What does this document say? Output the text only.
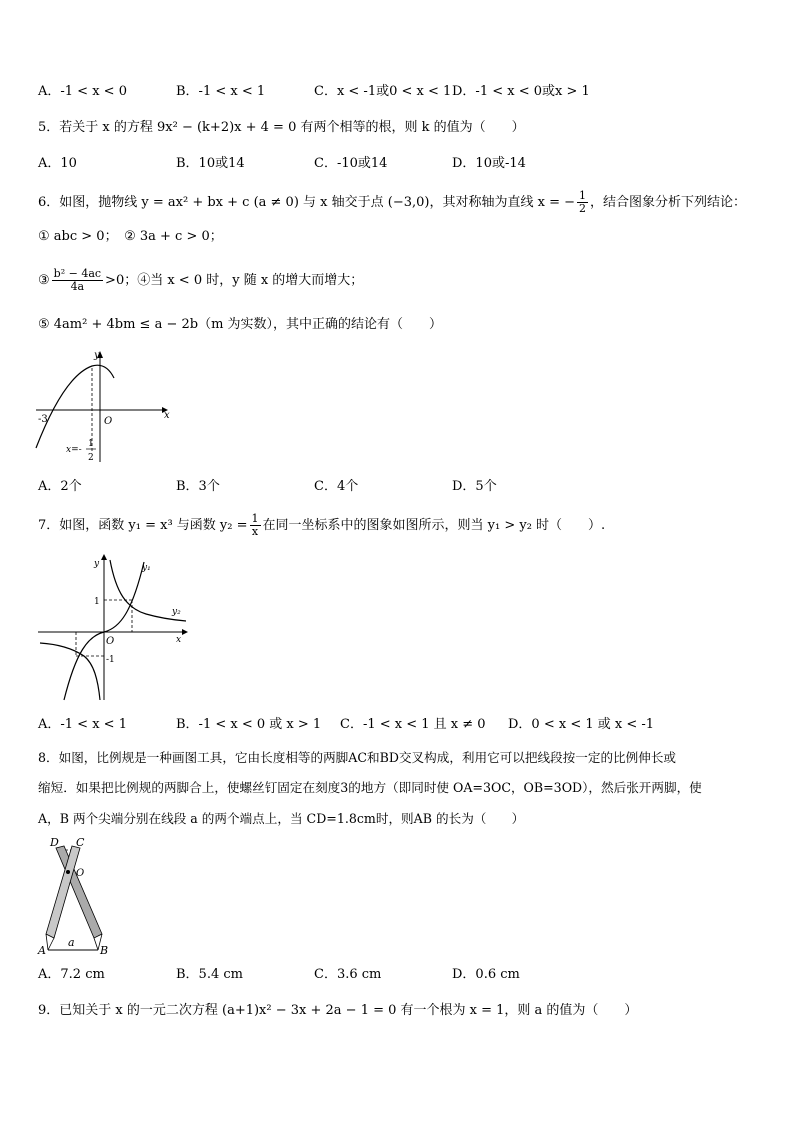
A．-1 < x < 0	B．-1 < x < 1	C．x < -1或0 < x < 1 D．-1 < x < 0或x > 1
5．若关于 x 的方程 9x² − (k+2)x + 4 = 0 有两个相等的根，则 k 的值为（　　）
A．10	B．10或14	C．-10或14	D．10或-14
6．如图，抛物线 y = ax² + bx + c (a ≠ 0) 与 x 轴交于点 (−3,0)，其对称轴为直线 x = − $\frac{1}{2}$ ，结合图象分析下列结论：
① abc > 0；　② 3a + c > 0；
③ $\frac{\text{b² − 4ac}}{4a} >0$；④当 x < 0 时，y 随 x 的增大而增大；
⑤ 4am² + 4bm ≤ a − 2b（m 为实数），其中正确的结论有（　　）
-3	O
x
y
x=-
1
2
A．2个	B．3个	C．4个	D．5个
7．如图，函数 y₁ = x³ 与函数 $y_2 = \frac{1}{x}$ 在同一坐标系中的图象如图所示，则当 y₁ > y₂ 时（　　）.
O	x
y
1
-1
y₁
y₂
A．-1 < x < 1	B．-1 < x < 0 或 x > 1 C．-1 < x < 1 且 x ≠ 0 D．0 < x < 1 或 x < -1
8．如图，比例规是一种画图工具，它由长度相等的两脚AC和BD交叉构成，利用它可以把线段按一定的比例伸长或
缩短．如果把比例规的两脚合上，使螺丝钉固定在刻度3的地方（即同时使 OA=3OC，OB=3OD），然后张开两脚，使
A，B 两个尖端分别在线段 a 的两个端点上，当 CD=1.8cm时，则AB 的长为（　　）
D C
O
A	B
a
A．7.2 cm	B．5.4 cm	C．3.6 cm	D．0.6 cm
9．已知关于 x 的一元二次方程 (a+1)x² − 3x + 2a − 1 = 0 有一个根为 x = 1，则 a 的值为（　　）
